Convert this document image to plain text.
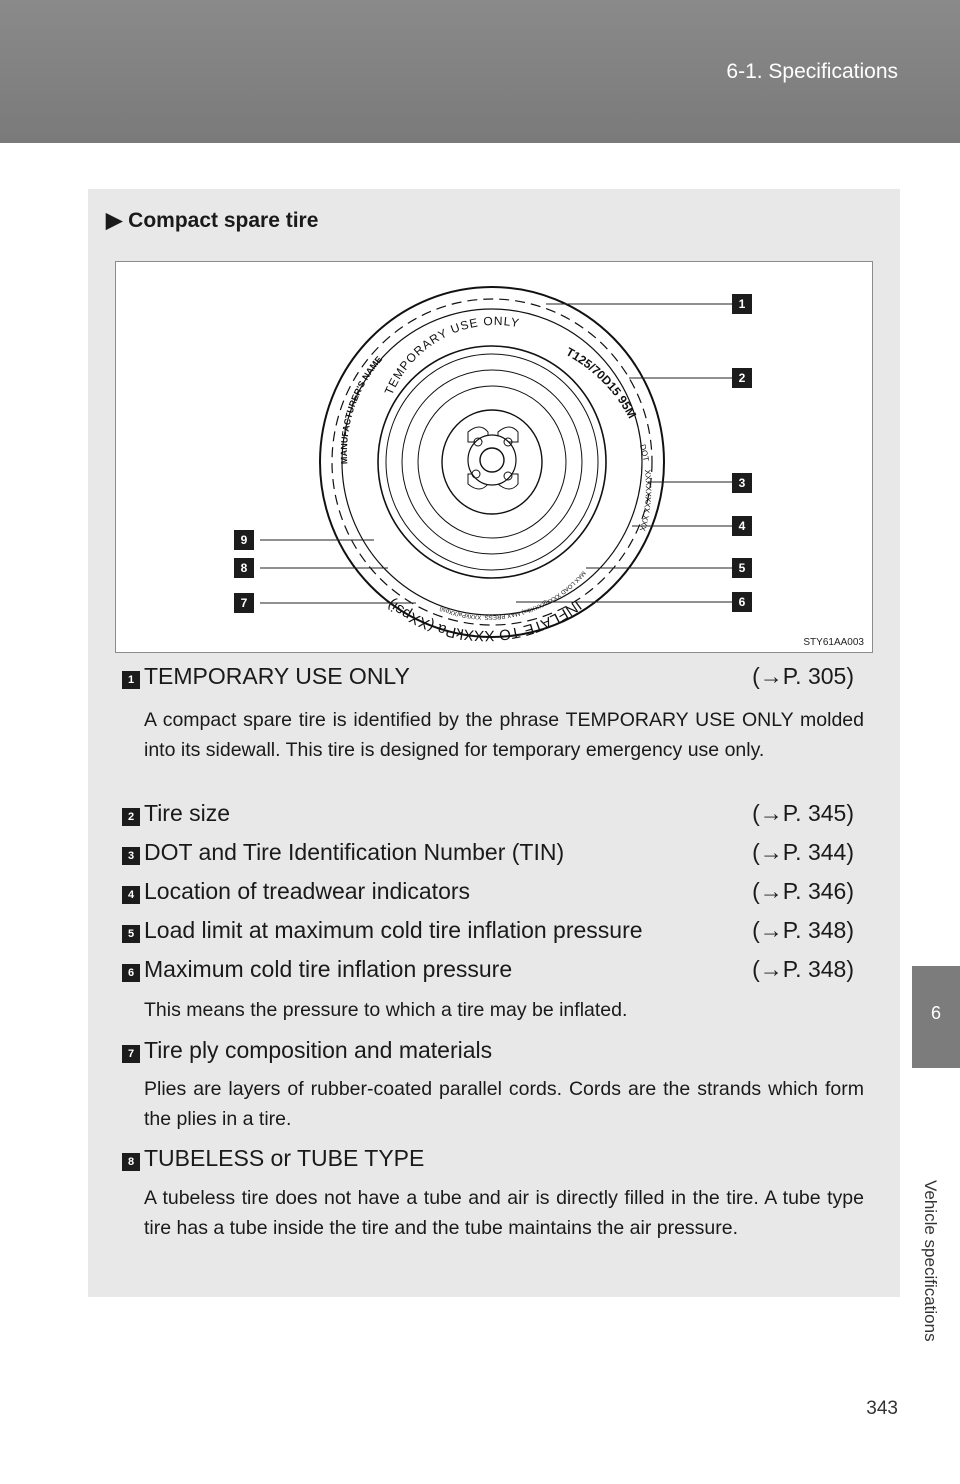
6-1. Specifications
6
Vehicle specifications
▶ Compact spare tire
TEMPORARY USE ONLY
T125/70D15 95M
DOT
XXXXXXXX XXX
MANUFACTURER'S NAME
INFLATE TO XXXkPa (XXpsi)
MAX LOAD XXXkg(XXXlbs) MAX PRESS. XXXkPa(XXpsi)
1
2
3
4
5
6
7
8
9
STY61AA003
1 TEMPORARY USE ONLY	(→P. 305)
A compact spare tire is identified by the phrase TEMPORARY USE ONLY molded into its sidewall. This tire is designed for temporary emergency use only.
2 Tire size	(→P. 345)
3 DOT and Tire Identification Number (TIN)	(→P. 344)
4 Location of treadwear indicators	(→P. 346)
5 Load limit at maximum cold tire inflation pressure	(→P. 348)
6 Maximum cold tire inflation pressure	(→P. 348)
This means the pressure to which a tire may be inflated.
7 Tire ply composition and materials
Plies are layers of rubber-coated parallel cords. Cords are the strands which form the plies in a tire.
8 TUBELESS or TUBE TYPE
A tubeless tire does not have a tube and air is directly filled in the tire. A tube type tire has a tube inside the tire and the tube maintains the air pressure.
343
